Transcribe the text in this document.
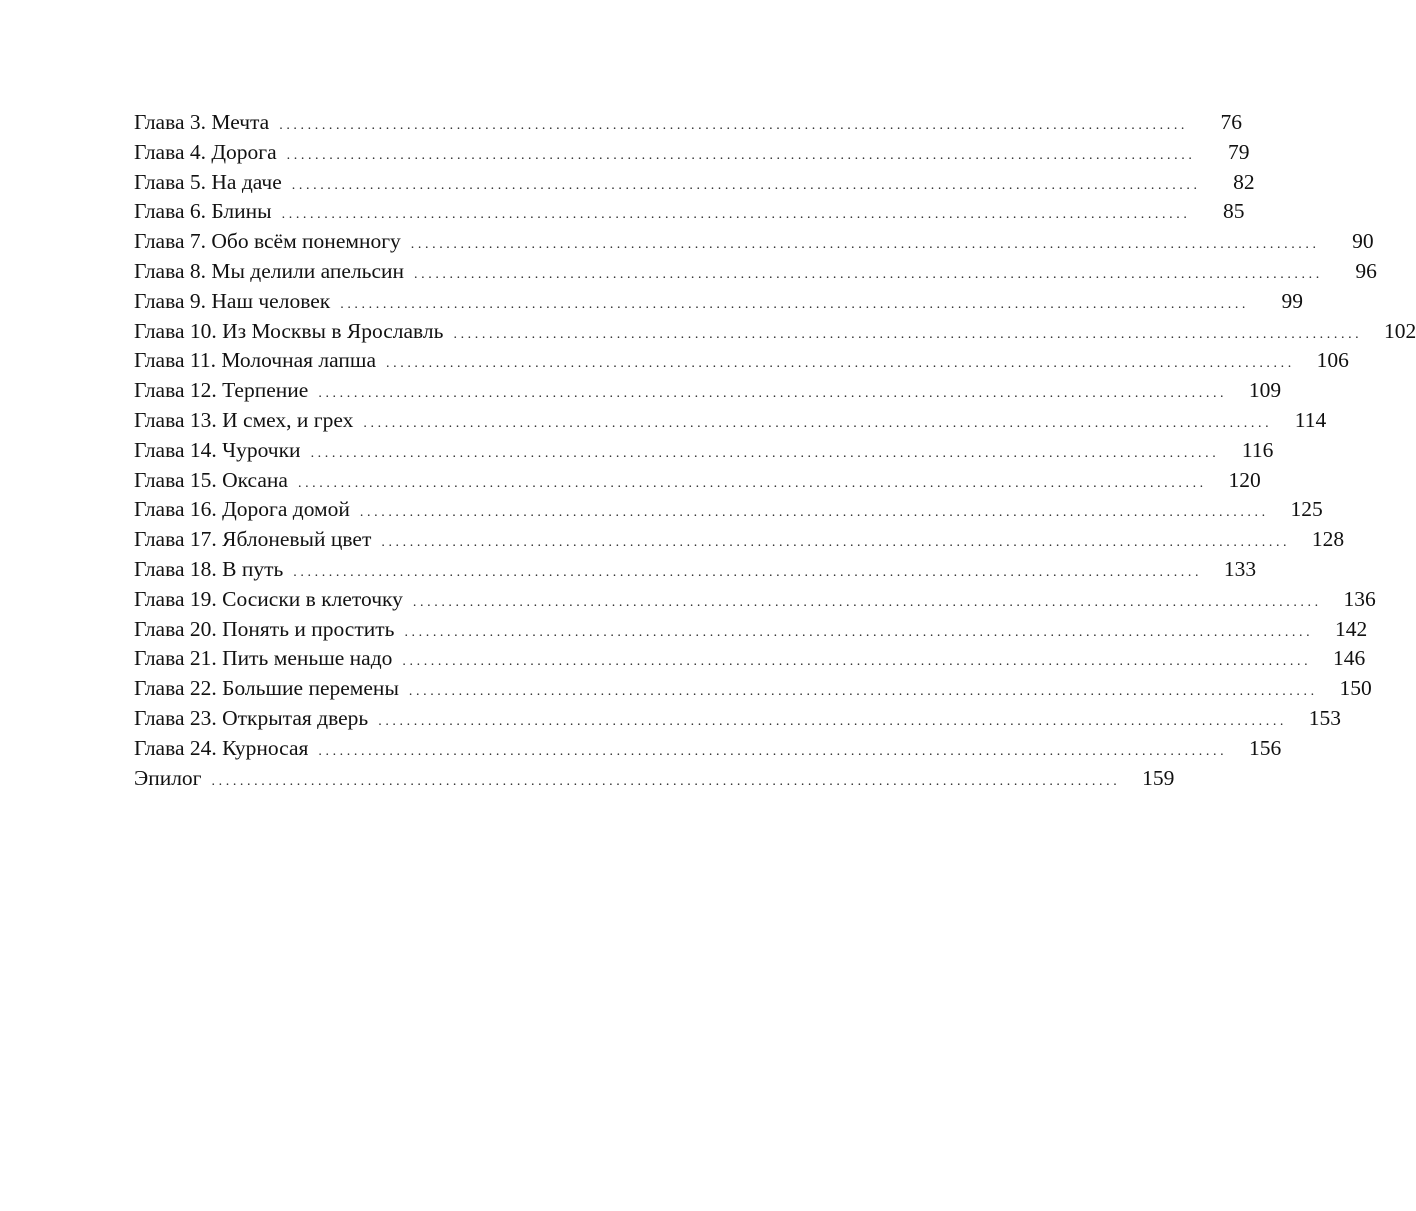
Глава 3. Мечта ................................................................................................................................	76
Глава 4. Дорога ................................................................................................................................	79
Глава 5. На даче ................................................................................................................................	82
Глава 6. Блины ................................................................................................................................	85
Глава 7. Обо всём понемногу ................................................................................................................................	90
Глава 8. Мы делили апельсин ................................................................................................................................	96
Глава 9. Наш человек ................................................................................................................................	99
Глава 10. Из Москвы в Ярославль ................................................................................................................................	102
Глава 11. Молочная лапша ................................................................................................................................	106
Глава 12. Терпение ................................................................................................................................	109
Глава 13. И смех, и грех ................................................................................................................................	114
Глава 14. Чурочки ................................................................................................................................	116
Глава 15. Оксана ................................................................................................................................	120
Глава 16. Дорога домой ................................................................................................................................	125
Глава 17. Яблоневый цвет ................................................................................................................................	128
Глава 18. В путь ................................................................................................................................	133
Глава 19. Сосиски в клеточку ................................................................................................................................	136
Глава 20. Понять и простить ................................................................................................................................	142
Глава 21. Пить меньше надо ................................................................................................................................	146
Глава 22. Большие перемены ................................................................................................................................	150
Глава 23. Открытая дверь ................................................................................................................................	153
Глава 24. Курносая ................................................................................................................................	156
Эпилог ................................................................................................................................	159
